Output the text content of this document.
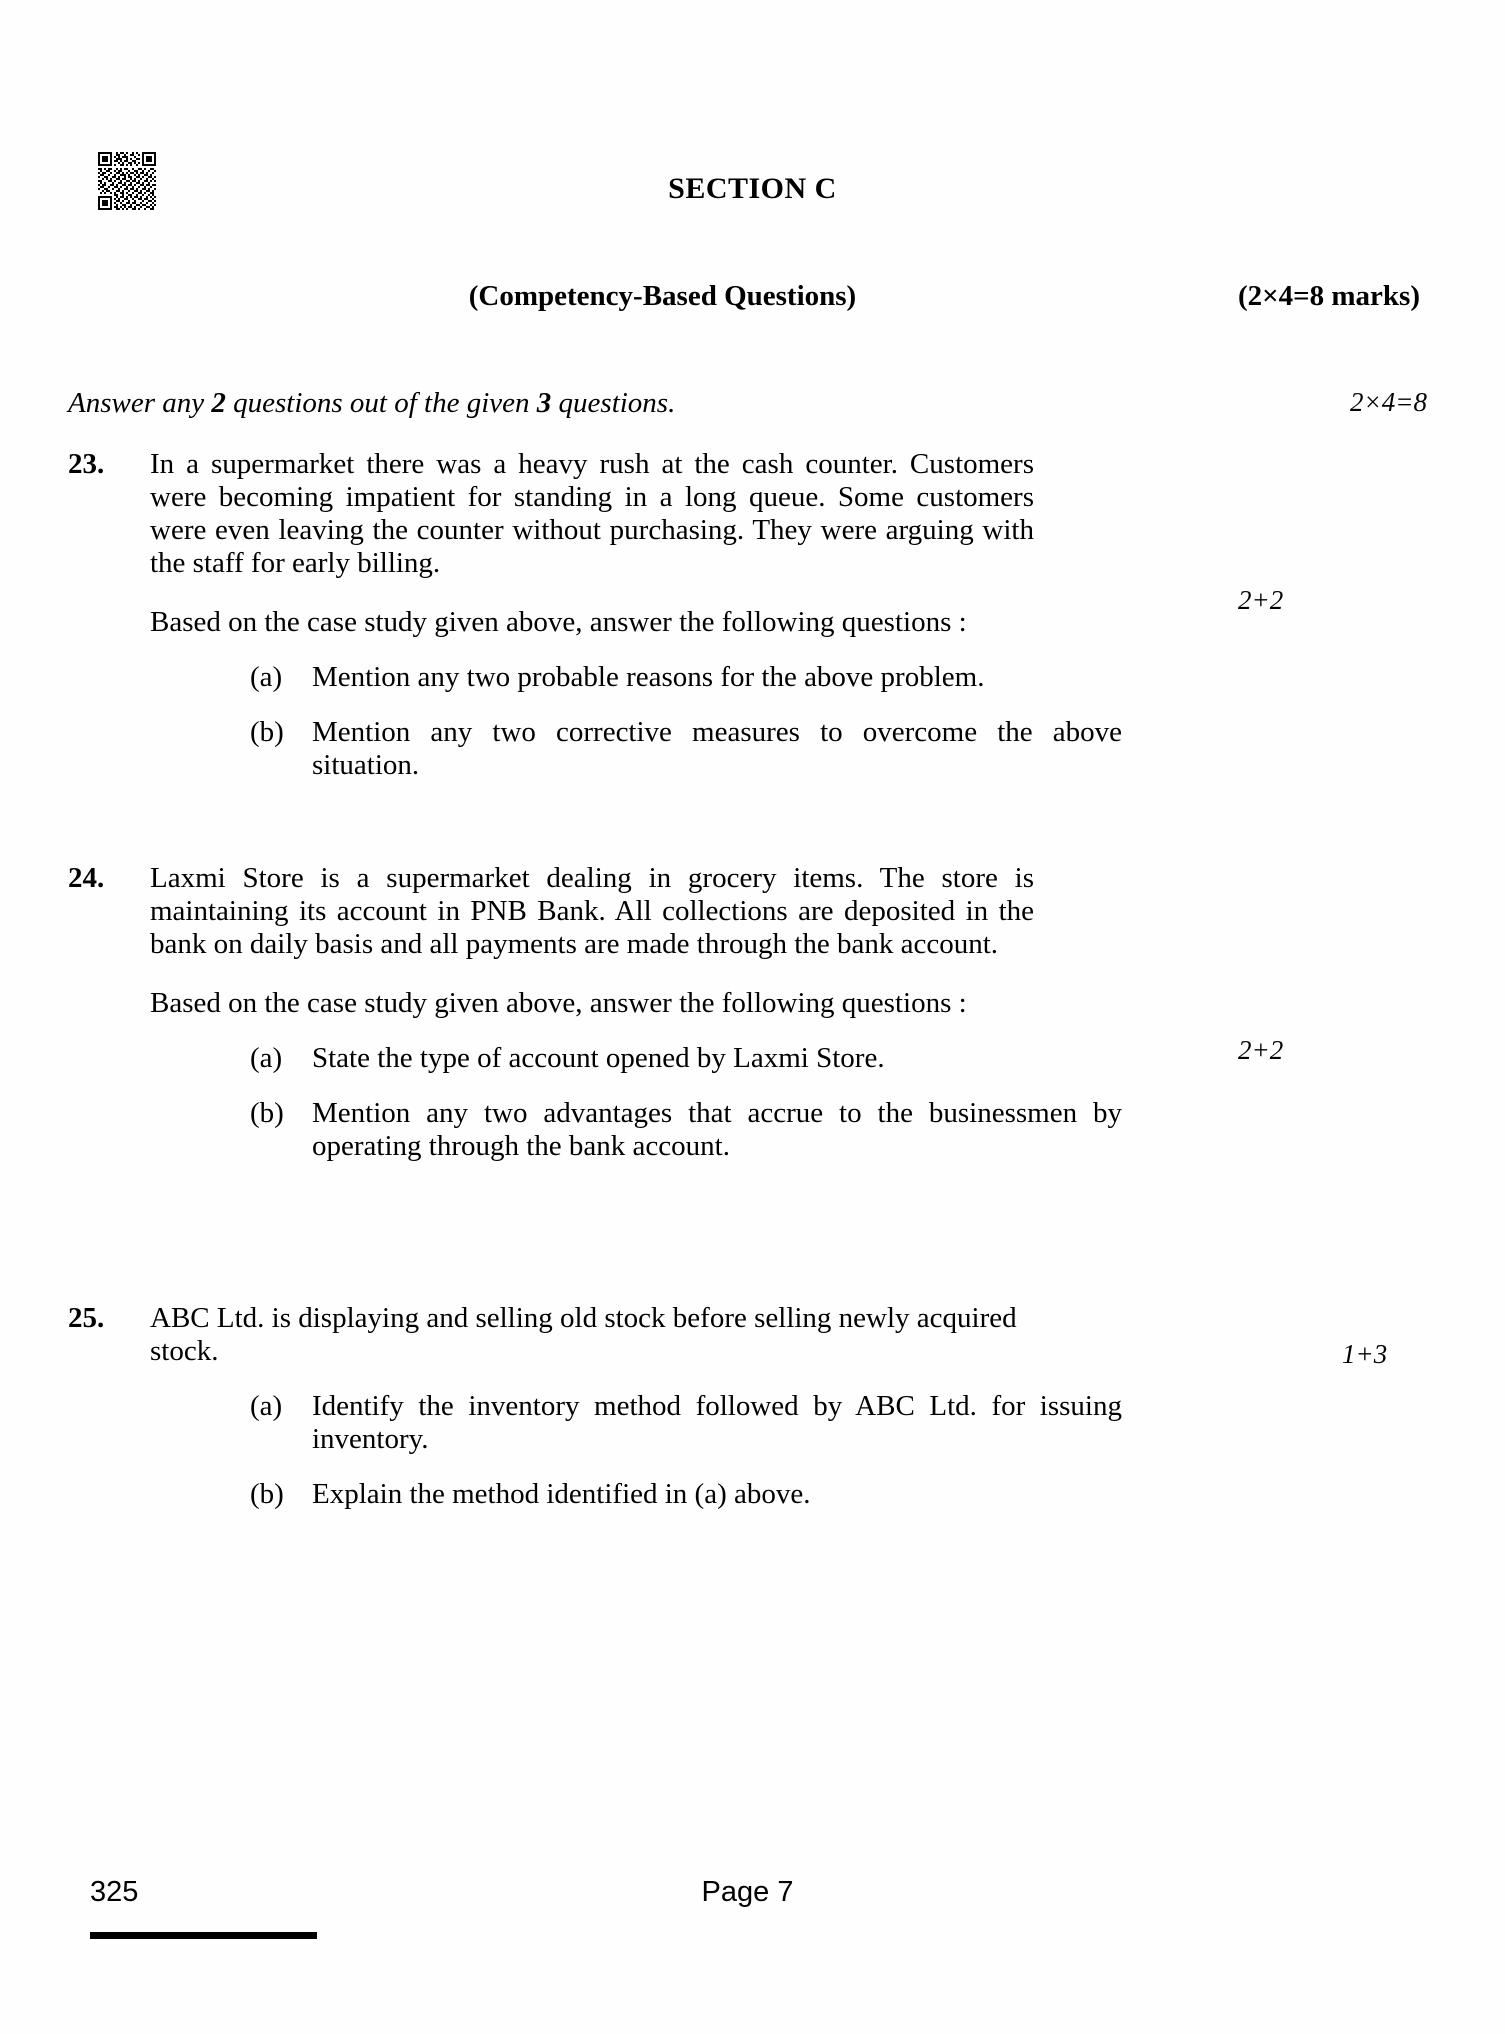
SECTION C
(Competency-Based Questions)	(2×4=8 marks)
Answer any 2 questions out of the given 3 questions.	2×4=8
23.	In a supermarket there was a heavy rush at the cash counter. Customers were becoming impatient for standing in a long queue. Some customers were even leaving the counter without purchasing. They were arguing with the staff for early billing.

Based on the case study given above, answer the following questions :

(a)	Mention any two probable reasons for the above problem.
(b) Mention any two corrective measures to overcome the above situation.
2+2
24.	Laxmi Store is a supermarket dealing in grocery items. The store is maintaining its account in PNB Bank. All collections are deposited in the bank on daily basis and all payments are made through the bank account.

Based on the case study given above, answer the following questions :

(a)	State the type of account opened by Laxmi Store.
(b) Mention any two advantages that accrue to the businessmen by operating through the bank account.
2+2
25.	ABC Ltd. is displaying and selling old stock before selling newly acquired stock.

(a)	Identify the inventory method followed by ABC Ltd. for issuing inventory.
(b) Explain the method identified in (a) above.
1+3
325	Page 7
